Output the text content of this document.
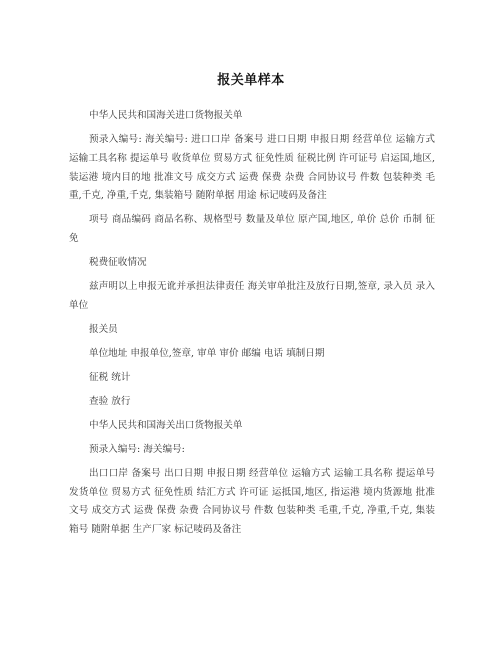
报关单样本

中华人民共和国海关进口货物报关单

预录入编号: 海关编号: 进口口岸 备案号 进口日期 申报日期 经营单位 运输方式 运输工具名称 提运单号 收货单位 贸易方式 征免性质 征税比例 许可证号 启运国,地区, 装运港 境内目的地 批准文号 成交方式 运费 保费 杂费 合同协议号 件数 包装种类 毛重,千克, 净重,千克, 集装箱号 随附单据 用途 标记唛码及备注

项号 商品编码 商品名称、规格型号 数量及单位 原产国,地区, 单价 总价 币制 征免

税费征收情况

兹声明以上申报无讹并承担法律责任 海关审单批注及放行日期,签章, 录入员 录入单位

报关员

单位地址 申报单位,签章, 审单 审价 邮编 电话 填制日期

征税 统计

查验 放行

中华人民共和国海关出口货物报关单

预录入编号: 海关编号:

出口口岸 备案号 出口日期 申报日期 经营单位 运输方式 运输工具名称 提运单号 发货单位 贸易方式 征免性质 结汇方式 许可证 运抵国,地区, 指运港 境内货源地 批准文号 成交方式 运费 保费 杂费 合同协议号 件数 包装种类 毛重,千克, 净重,千克, 集装箱号 随附单据 生产厂家 标记唛码及备注
